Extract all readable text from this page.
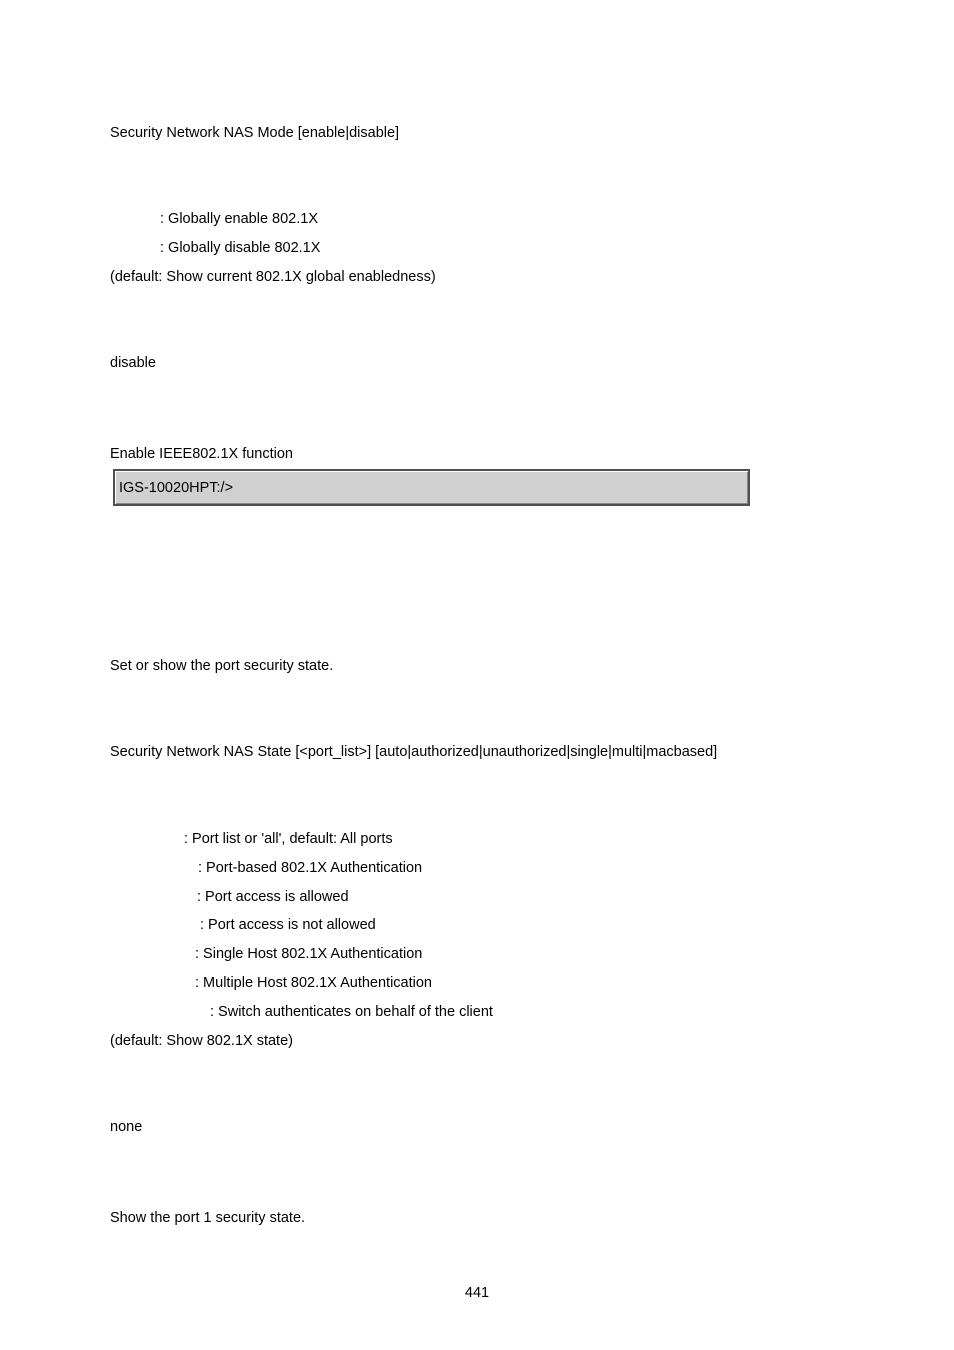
Security Network NAS Mode [enable|disable]
: Globally enable 802.1X
: Globally disable 802.1X
(default: Show current 802.1X global enabledness)
disable
Enable IEEE802.1X function
IGS-10020HPT:/>
Set or show the port security state.
Security Network NAS State [<port_list>] [auto|authorized|unauthorized|single|multi|macbased]
: Port list or 'all', default: All ports
: Port-based 802.1X Authentication
: Port access is allowed
: Port access is not allowed
: Single Host 802.1X Authentication
: Multiple Host 802.1X Authentication
: Switch authenticates on behalf of the client
(default: Show 802.1X state)
none
Show the port 1 security state.
441
